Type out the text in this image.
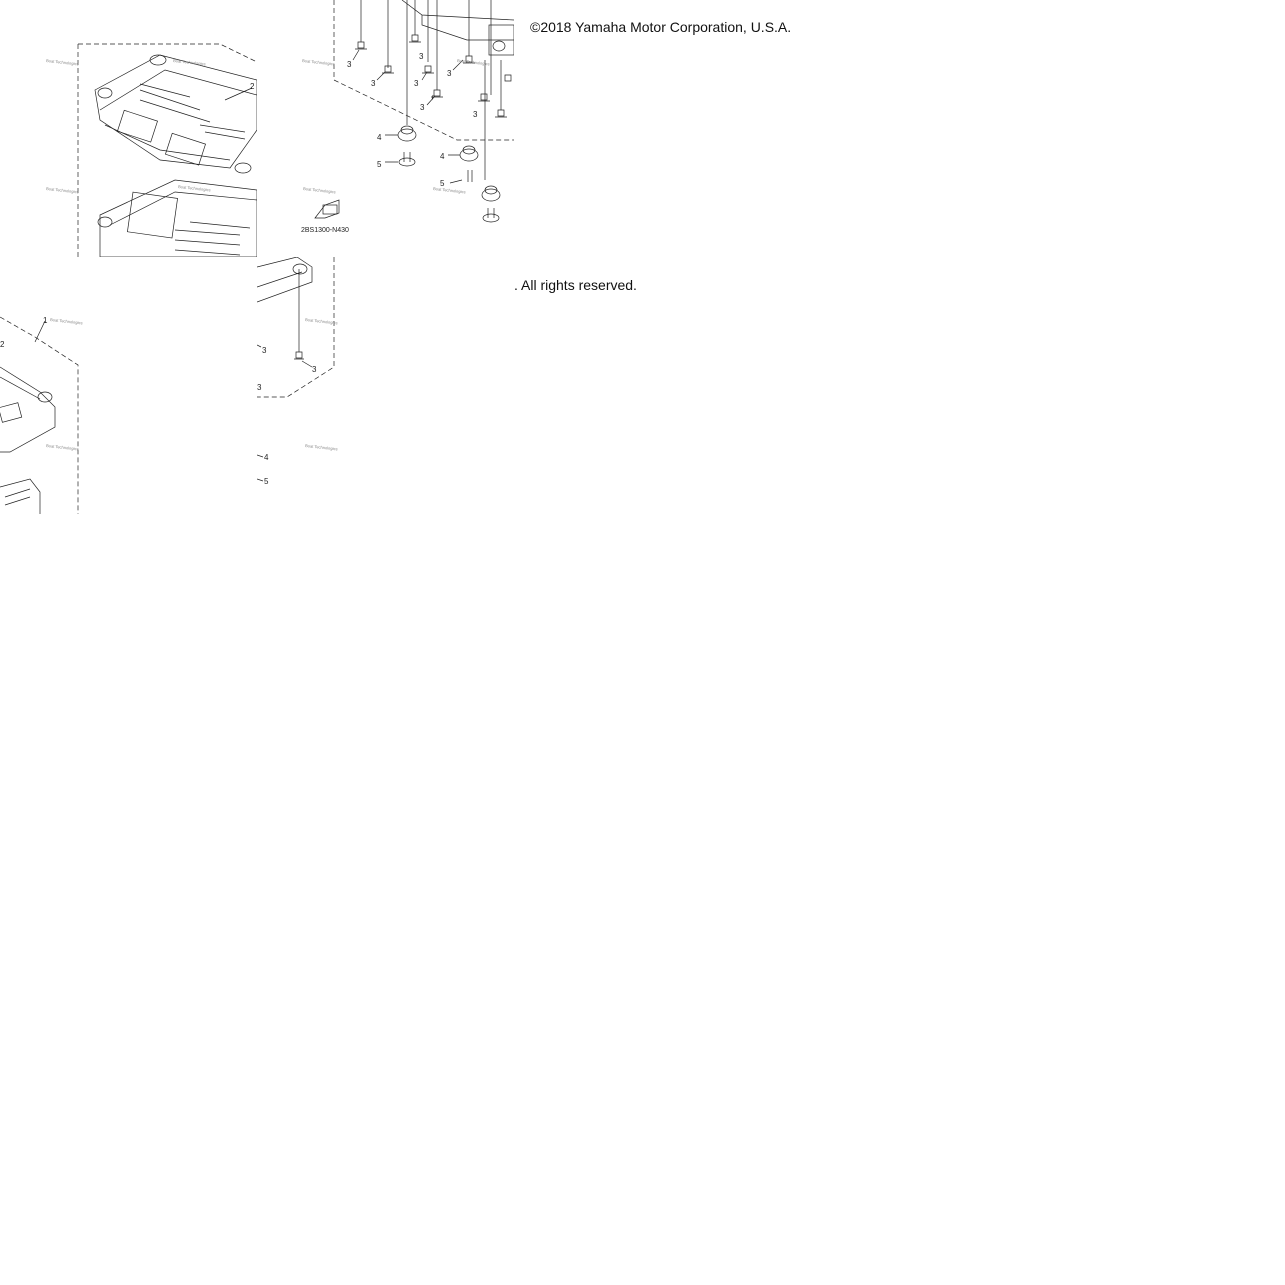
2
Boat Technologies	Boat Technologies
Boat Technologies	Boat Technologies
3
3	3
3
3
3
3
4
4
5
5
Boat Technologies	Boat Technologies
Boat Technologies	Boat Technologies
2BS1300-N430
1
2
Boat Technologies
Boat Technologies
3
3
3
4
5
Boat Technologies
Boat Technologies
©2018 Yamaha Motor Corporation, U.S.A.
. All rights reserved.
